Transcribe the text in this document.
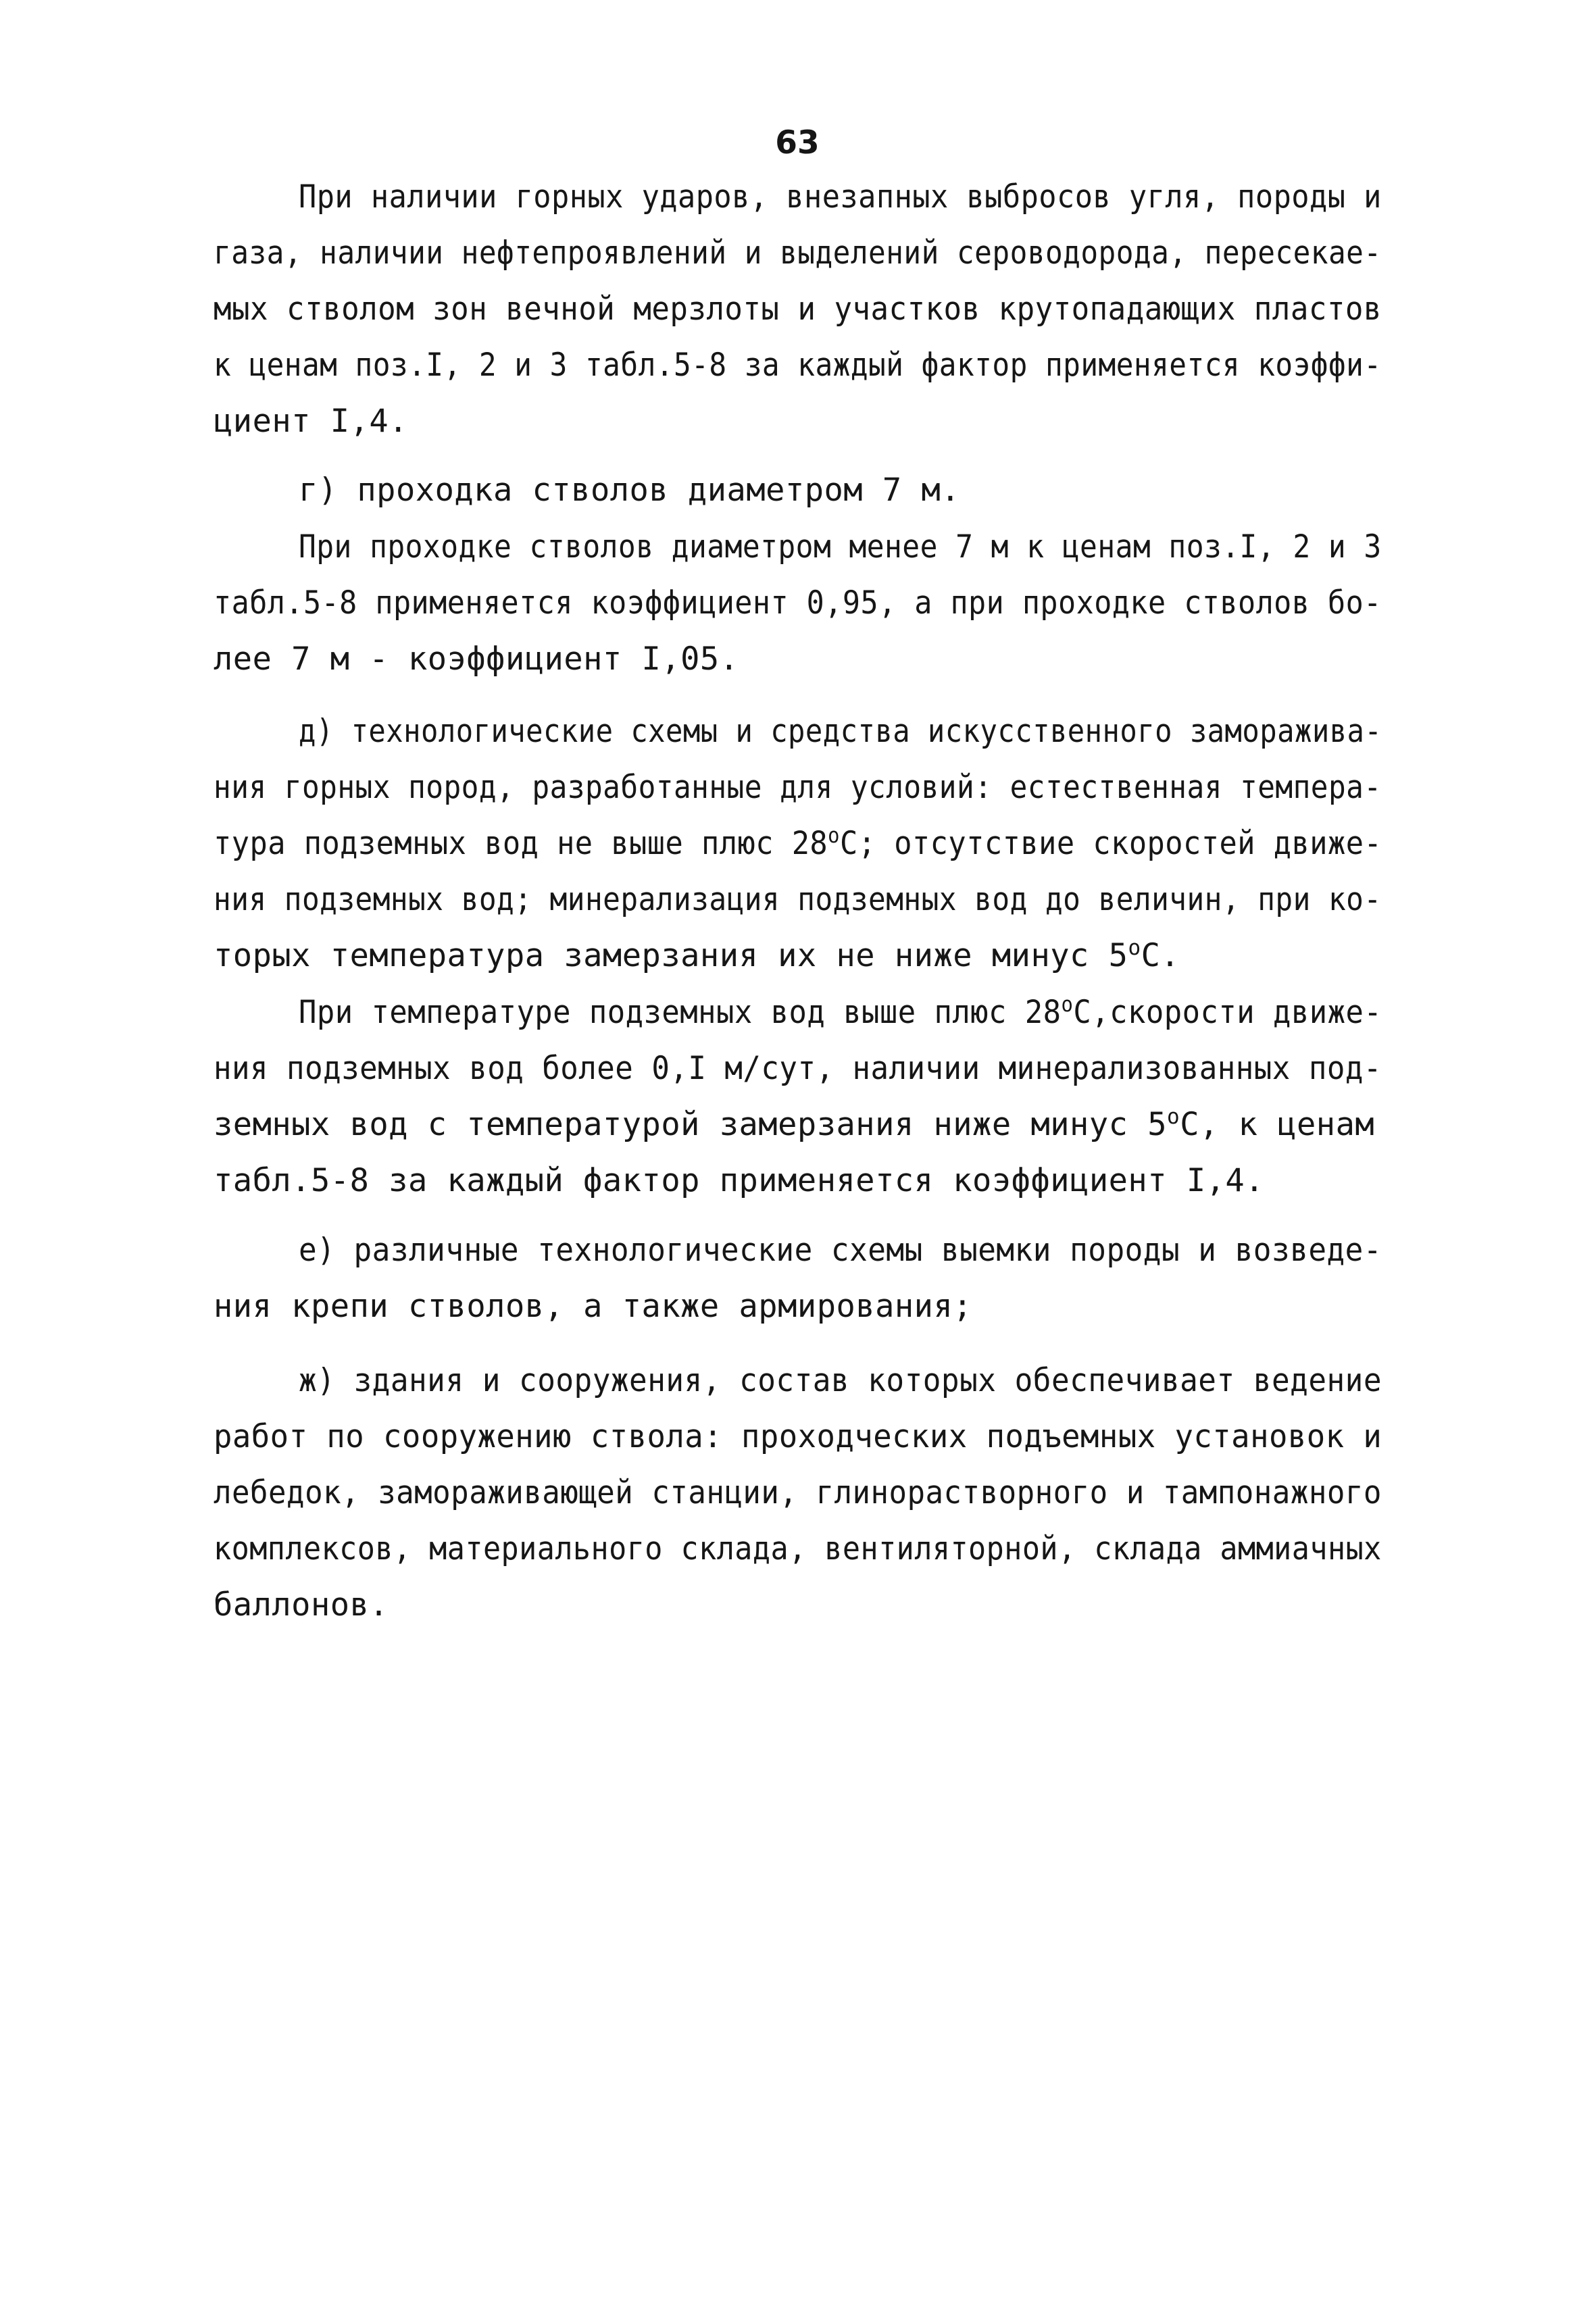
63
При наличии горных ударов, внезапных выбросов угля, породы и
газа, наличии нефтепроявлений и выделений сероводорода, пересекае-
мых стволом зон вечной мерзлоты и участков крутопадающих пластов
к ценам поз.I, 2 и 3 табл.5-8 за каждый фактор применяется коэффи-
циент I,4.
г) проходка стволов диаметром 7 м.
При проходке стволов диаметром менее 7 м к ценам поз.I, 2 и 3
табл.5-8 применяется коэффициент 0,95, а при проходке стволов бо-
лее 7 м - коэффициент I,05.
д) технологические схемы и средства искусственного замораживa-
ния горных пород, разработанные для условий: естественная темпера-
тура подземных вод не выше плюс $28^оC$; отсутствие скоростей движе-
ния подземных вод; минерализация подземных вод до величин, при ко-
торых температура замерзания их не ниже минус $5^оC$.
При температуре подземных вод выше плюс $28^оC,скорости$ движе-
ния подземных вод более 0,I м/сут, наличии минерализованных под-
земных вод с температурой замерзания ниже минус $5^оC$, к ценам
табл.5-8 за каждый фактор применяется коэффициент I,4.
е) различные технологические схемы выемки породы и возведе-
ния крепи стволов, а также армирования;
ж) здания и сооружения, состав которых обеспечивает ведение
работ по сооружению ствола: проходческих подъемных установок и
лебедок, замораживающей станции, глинорастворного и тампонажного
комплексов, материального склада, вентиляторной, склада аммиачных
баллонов.
